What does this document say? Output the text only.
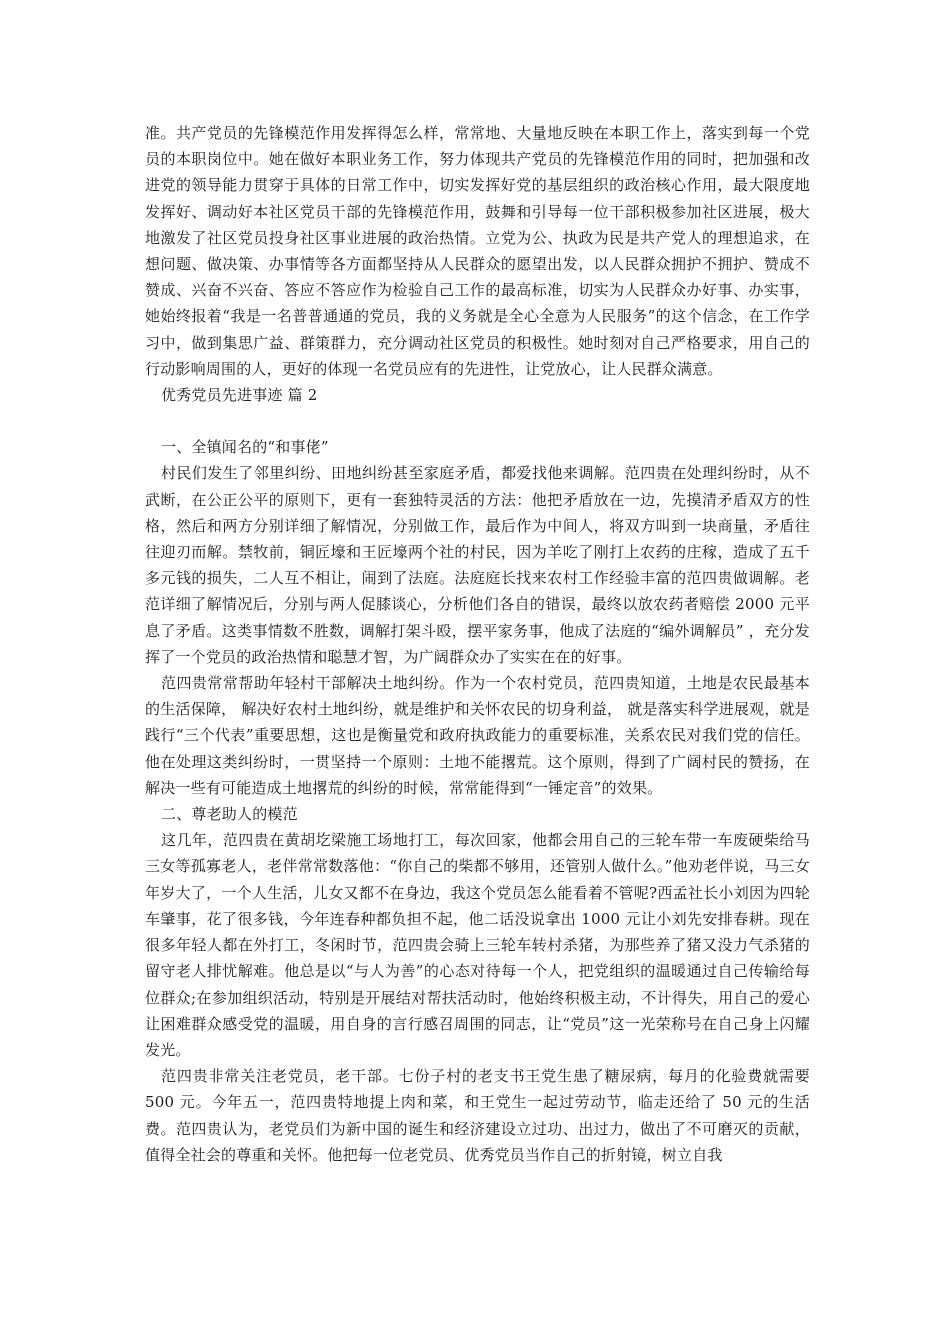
准。共产党员的先锋模范作用发挥得怎么样，常常地、大量地反映在本职工作上，落实到每一个党员的本职岗位中。她在做好本职业务工作，努力体现共产党员的先锋模范作用的同时，把加强和改进党的领导能力贯穿于具体的日常工作中，切实发挥好党的基层组织的政治核心作用，最大限度地发挥好、调动好本社区党员干部的先锋模范作用，鼓舞和引导每一位干部积极参加社区进展，极大地激发了社区党员投身社区事业进展的政治热情。立党为公、执政为民是共产党人的理想追求，在想问题、做决策、办事情等各方面都坚持从人民群众的愿望出发，以人民群众拥护不拥护、赞成不赞成、兴奋不兴奋、答应不答应作为检验自己工作的最高标准，切实为人民群众办好事、办实事，她始终报着“我是一名普普通通的党员，我的义务就是全心全意为人民服务”的这个信念，在工作学习中，做到集思广益、群策群力，充分调动社区党员的积极性。她时刻对自己严格要求，用自己的行动影响周围的人，更好的体现一名党员应有的先进性，让党放心，让人民群众满意。

优秀党员先进事迹 篇 2

一、全镇闻名的“和事佬”

村民们发生了邻里纠纷、田地纠纷甚至家庭矛盾，都爱找他来调解。范四贵在处理纠纷时，从不武断，在公正公平的原则下，更有一套独特灵活的方法：他把矛盾放在一边，先摸清矛盾双方的性格，然后和两方分别详细了解情况，分别做工作，最后作为中间人，将双方叫到一块商量，矛盾往往迎刃而解。禁牧前，铜匠壕和王匠壕两个社的村民，因为羊吃了刚打上农药的庄稼，造成了五千多元钱的损失，二人互不相让，闹到了法庭。法庭庭长找来农村工作经验丰富的范四贵做调解。老范详细了解情况后，分别与两人促膝谈心，分析他们各自的错误，最终以放农药者赔偿 2000 元平息了矛盾。这类事情数不胜数，调解打架斗殴，摆平家务事，他成了法庭的“编外调解员” ，充分发挥了一个党员的政治热情和聪慧才智，为广阔群众办了实实在在的好事。

范四贵常常帮助年轻村干部解决土地纠纷。作为一个农村党员，范四贵知道，土地是农民最基本的生活保障， 解决好农村土地纠纷，就是维护和关怀农民的切身利益， 就是落实科学进展观，就是践行“三个代表”重要思想，这也是衡量党和政府执政能力的重要标准，关系农民对我们党的信任。他在处理这类纠纷时，一贯坚持一个原则：土地不能撂荒。这个原则，得到了广阔村民的赞扬，在解决一些有可能造成土地撂荒的纠纷的时候，常常能得到“一锤定音”的效果。

二、尊老助人的模范

这几年，范四贵在黄胡圪梁施工场地打工，每次回家，他都会用自己的三轮车带一车废硬柴给马三女等孤寡老人，老伴常常数落他：“你自己的柴都不够用，还管别人做什么。”他劝老伴说，马三女年岁大了，一个人生活，儿女又都不在身边，我这个党员怎么能看着不管呢?西孟社长小刘因为四轮车肇事，花了很多钱，今年连春种都负担不起，他二话没说拿出 1000 元让小刘先安排春耕。现在很多年轻人都在外打工，冬闲时节，范四贵会骑上三轮车转村杀猪，为那些养了猪又没力气杀猪的留守老人排忧解难。他总是以“与人为善”的心态对待每一个人，把党组织的温暖通过自己传输给每位群众;在参加组织活动，特别是开展结对帮扶活动时，他始终积极主动，不计得失，用自己的爱心让困难群众感受党的温暖，用自身的言行感召周围的同志，让“党员”这一光荣称号在自己身上闪耀发光。

范四贵非常关注老党员，老干部。七份子村的老支书王党生患了糖尿病，每月的化验费就需要 500 元。今年五一，范四贵特地提上肉和菜，和王党生一起过劳动节，临走还给了 50 元的生活费。范四贵认为，老党员们为新中国的诞生和经济建设立过功、出过力，做出了不可磨灭的贡献，值得全社会的尊重和关怀。他把每一位老党员、优秀党员当作自己的折射镜，树立自我
